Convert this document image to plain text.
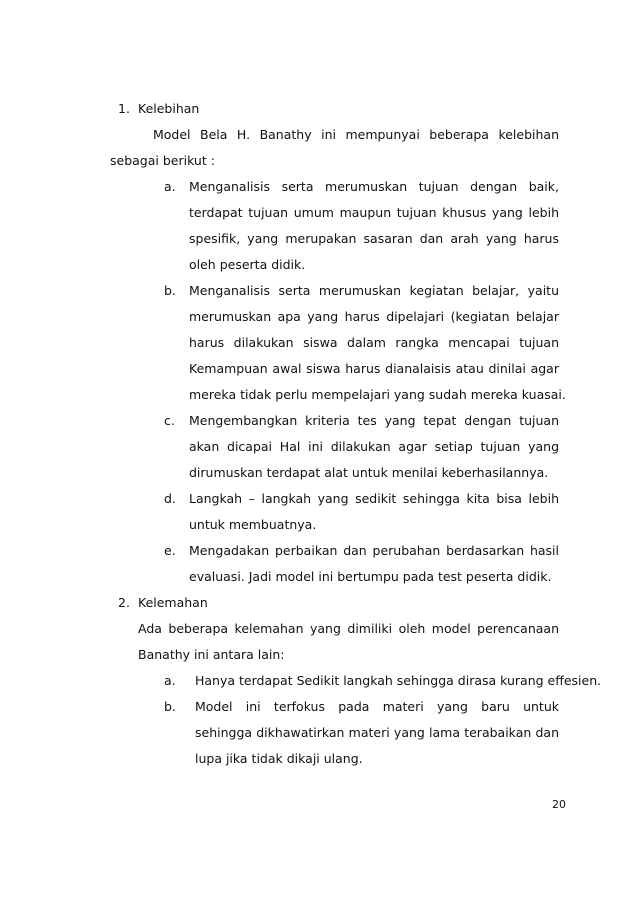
1. Kelebihan
Model Bela H. Banathy ini mempunyai beberapa kelebihan
sebagai berikut :
a. Menganalisis serta merumuskan tujuan dengan baik,
terdapat tujuan umum maupun tujuan khusus yang lebih
spesifik, yang merupakan sasaran dan arah yang harus
oleh peserta didik.
b. Menganalisis serta merumuskan kegiatan belajar, yaitu
merumuskan apa yang harus dipelajari (kegiatan belajar
harus dilakukan siswa dalam rangka mencapai tujuan
Kemampuan awal siswa harus dianalaisis atau dinilai agar
mereka tidak perlu mempelajari yang sudah mereka kuasai.
c. Mengembangkan kriteria tes yang tepat dengan tujuan
akan dicapai Hal ini dilakukan agar setiap tujuan yang
dirumuskan terdapat alat untuk menilai keberhasilannya.
d. Langkah – langkah yang sedikit sehingga kita bisa lebih
untuk membuatnya.
e. Mengadakan perbaikan dan perubahan berdasarkan hasil
evaluasi. Jadi model ini bertumpu pada test peserta didik.
2. Kelemahan
Ada beberapa kelemahan yang dimiliki oleh model perencanaan
Banathy ini antara lain:
a. Hanya terdapat Sedikit langkah sehingga dirasa kurang effesien.
b. Model ini terfokus pada materi yang baru untuk
sehingga dikhawatirkan materi yang lama terabaikan dan
lupa jika tidak dikaji ulang.
20
